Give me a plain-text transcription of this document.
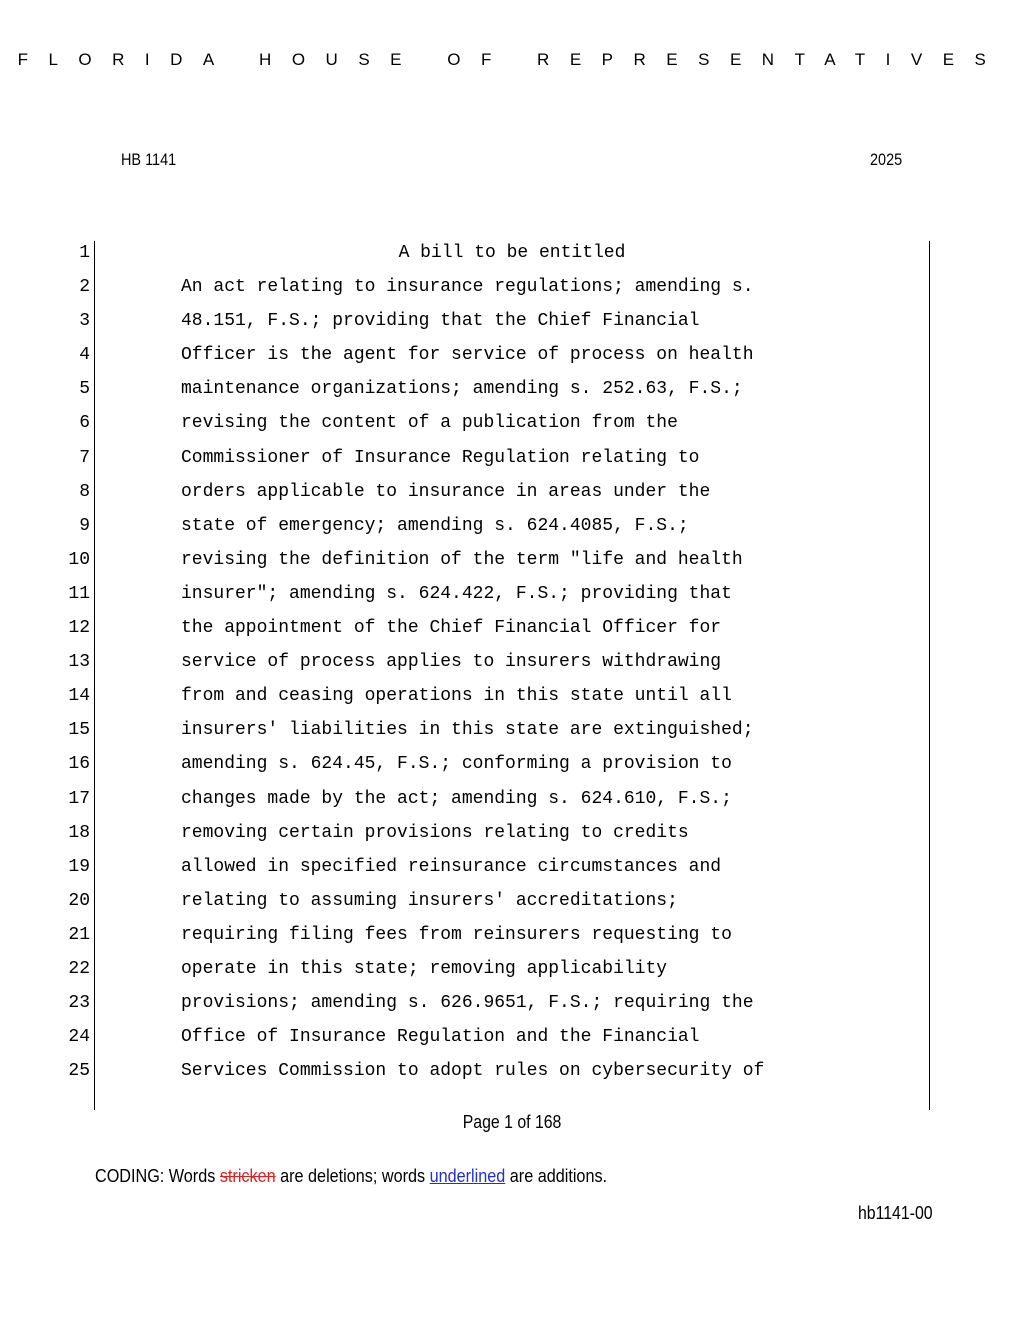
FLORIDA HOUSE OF REPRESENTATIVES
HB 1141	2025
1	A bill to be entitled
2	An act relating to insurance regulations; amending s.
3	48.151, F.S.; providing that the Chief Financial
4	Officer is the agent for service of process on health
5	maintenance organizations; amending s. 252.63, F.S.;
6	revising the content of a publication from the
7	Commissioner of Insurance Regulation relating to
8	orders applicable to insurance in areas under the
9	state of emergency; amending s. 624.4085, F.S.;
10	revising the definition of the term "life and health
11	insurer"; amending s. 624.422, F.S.; providing that
12	the appointment of the Chief Financial Officer for
13	service of process applies to insurers withdrawing
14	from and ceasing operations in this state until all
15	insurers' liabilities in this state are extinguished;
16	amending s. 624.45, F.S.; conforming a provision to
17	changes made by the act; amending s. 624.610, F.S.;
18	removing certain provisions relating to credits
19	allowed in specified reinsurance circumstances and
20	relating to assuming insurers' accreditations;
21	requiring filing fees from reinsurers requesting to
22	operate in this state; removing applicability
23	provisions; amending s. 626.9651, F.S.; requiring the
24	Office of Insurance Regulation and the Financial
25	Services Commission to adopt rules on cybersecurity of
Page 1 of 168
CODING: Words stricken are deletions; words underlined are additions.
hb1141-00
